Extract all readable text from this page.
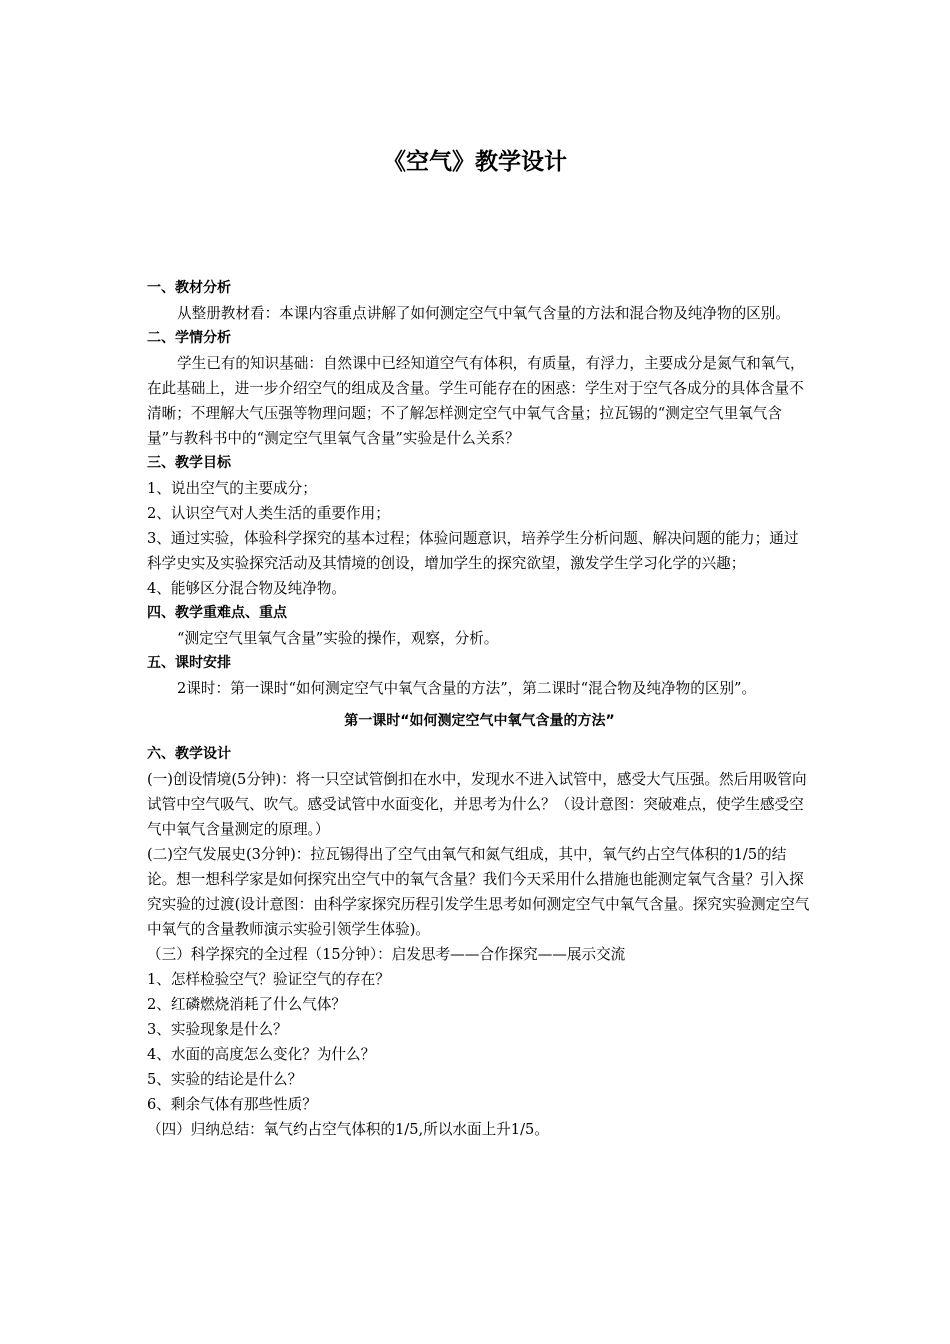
《空气》教学设计

一、教材分析

从整册教材看：本课内容重点讲解了如何测定空气中氧气含量的方法和混合物及纯净物的区别。

二、学情分析

学生已有的知识基础：自然课中已经知道空气有体积，有质量，有浮力，主要成分是氮气和氧气，在此基础上，进一步介绍空气的组成及含量。学生可能存在的困惑：学生对于空气各成分的具体含量不清晰；不理解大气压强等物理问题；不了解怎样测定空气中氧气含量；拉瓦锡的“测定空气里氧气含量”与教科书中的“测定空气里氧气含量”实验是什么关系？

三、教学目标

1、说出空气的主要成分；

2、认识空气对人类生活的重要作用；

3、通过实验，体验科学探究的基本过程；体验问题意识，培养学生分析问题、解决问题的能力；通过科学史实及实验探究活动及其情境的创设，增加学生的探究欲望，激发学生学习化学的兴趣；

4、能够区分混合物及纯净物。

四、教学重难点、重点

“测定空气里氧气含量”实验的操作，观察，分析。

五、课时安排

2课时：第一课时“如何测定空气中氧气含量的方法”，第二课时“混合物及纯净物的区别”。

第一课时“如何测定空气中氧气含量的方法”

六、教学设计

(一)创设情境(5分钟)：将一只空试管倒扣在水中，发现水不进入试管中，感受大气压强。然后用吸管向试管中空气吸气、吹气。感受试管中水面变化，并思考为什么？（设计意图：突破难点，使学生感受空气中氧气含量测定的原理。）

(二)空气发展史(3分钟)：拉瓦锡得出了空气由氧气和氮气组成，其中，氧气约占空气体积的1/5的结论。想一想科学家是如何探究出空气中的氧气含量？我们今天采用什么措施也能测定氧气含量？引入探究实验的过渡(设计意图：由科学家探究历程引发学生思考如何测定空气中氧气含量。探究实验测定空气中氧气的含量教师演示实验引领学生体验)。

（三）科学探究的全过程（15分钟）：启发思考——合作探究——展示交流

1、怎样检验空气？验证空气的存在？

2、红磷燃烧消耗了什么气体？

3、实验现象是什么？

4、水面的高度怎么变化？为什么？

5、实验的结论是什么？

6、剩余气体有那些性质？

（四）归纳总结：氧气约占空气体积的1/5,所以水面上升1/5。
